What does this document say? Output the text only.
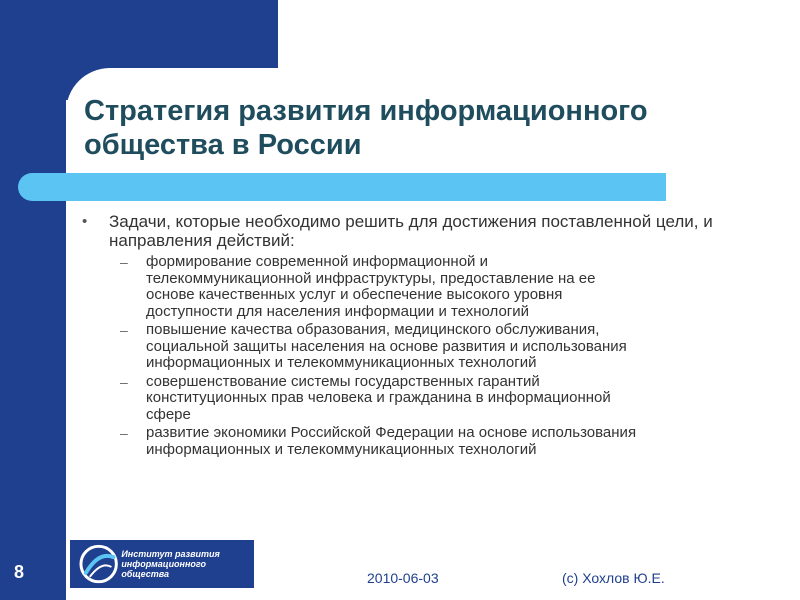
Стратегия развития информационного
общества в России
• Задачи, которые необходимо решить для достижения поставленной цели, и направления действий:
– формирование современной информационной и
телекоммуникационной инфраструктуры, предоставление на ее
основе качественных услуг и обеспечение высокого уровня
доступности для населения информации и технологий
– повышение качества образования, медицинского обслуживания,
социальной защиты населения на основе развития и использования
информационных и телекоммуникационных технологий
– совершенствование системы государственных гарантий
конституционных прав человека и гражданина в информационной
сфере
– развитие экономики Российской Федерации на основе использования
информационных и телекоммуникационных технологий
8
Институт развития
информационного общества	2010-06-03	(c) Хохлов Ю.Е.
